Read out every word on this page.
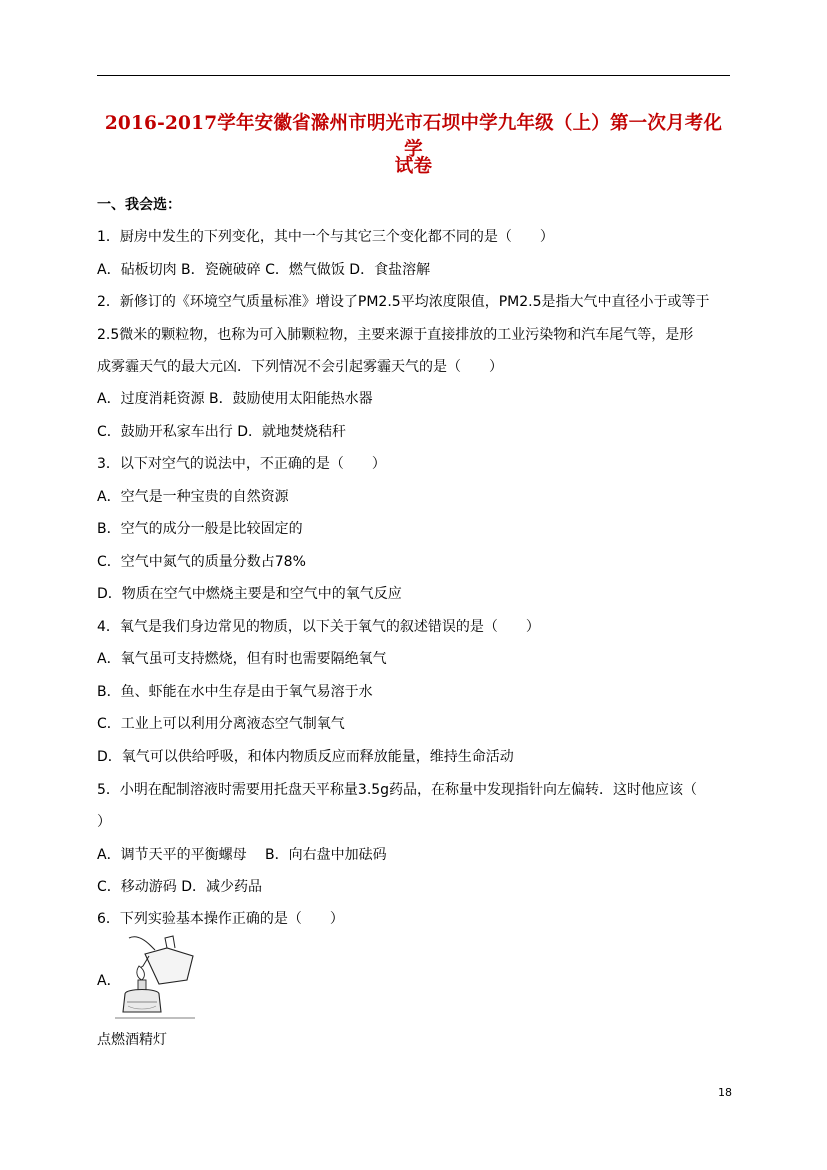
2016-2017学年安徽省滁州市明光市石坝中学九年级（上）第一次月考化学
试卷
一、我会选：
1．厨房中发生的下列变化，其中一个与其它三个变化都不同的是（　　）
A．砧板切肉 B．瓷碗破碎 C．燃气做饭 D．食盐溶解
2．新修订的《环境空气质量标准》增设了PM2.5平均浓度限值，PM2.5是指大气中直径小于或等于
2.5微米的颗粒物，也称为可入肺颗粒物，主要来源于直接排放的工业污染物和汽车尾气等，是形
成雾霾天气的最大元凶．下列情况不会引起雾霾天气的是（　　）
A．过度消耗资源 B．鼓励使用太阳能热水器
C．鼓励开私家车出行 D．就地焚烧秸秆
3．以下对空气的说法中，不正确的是（　　）
A．空气是一种宝贵的自然资源
B．空气的成分一般是比较固定的
C．空气中氮气的质量分数占78%
D．物质在空气中燃烧主要是和空气中的氧气反应
4．氧气是我们身边常见的物质，以下关于氧气的叙述错误的是（　　）
A．氧气虽可支持燃烧，但有时也需要隔绝氧气
B．鱼、虾能在水中生存是由于氧气易溶于水
C．工业上可以利用分离液态空气制氧气
D．氧气可以供给呼吸，和体内物质反应而释放能量，维持生命活动
5．小明在配制溶液时需要用托盘天平称量3.5g药品，在称量中发现指针向左偏转．这时他应该（
）
A．调节天平的平衡螺母　 B．向右盘中加砝码
C．移动游码 D．减少药品
6．下列实验基本操作正确的是（　　）
A．
点燃酒精灯
18
